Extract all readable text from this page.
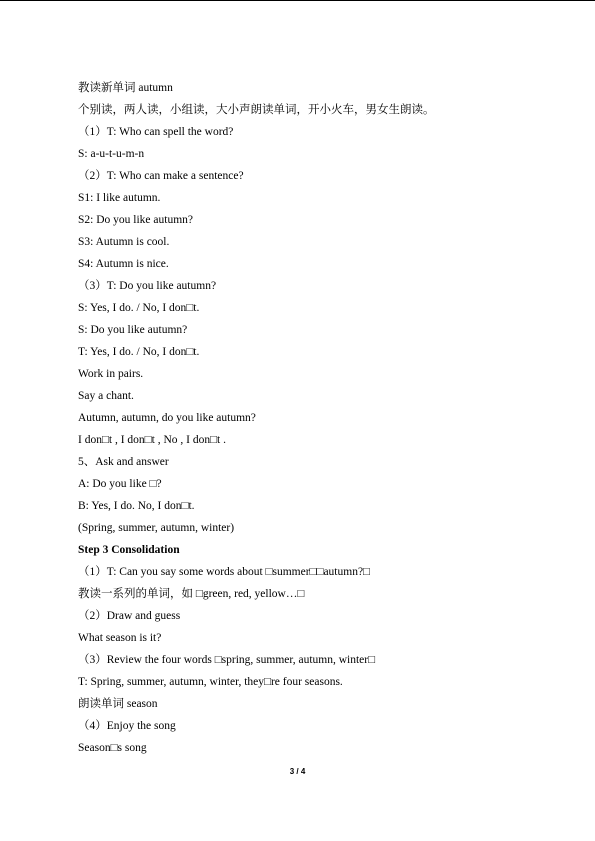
教读新单词 autumn
个别读，两人读，小组读，大小声朗读单词，开小火车，男女生朗读。
（1）T: Who can spell the word?
S: a-u-t-u-m-n
（2）T: Who can make a sentence?
S1: I like autumn.
S2: Do you like autumn?
S3: Autumn is cool.
S4: Autumn is nice.
（3）T: Do you like autumn?
S: Yes, I do. / No, I don□t.
S: Do you like autumn?
T: Yes, I do. / No, I don□t.
Work in pairs.
Say a chant.
Autumn, autumn, do you like autumn?
I don□t , I don□t , No , I don□t .
5、Ask and answer
A: Do you like □?
B: Yes, I do. No, I don□t.
(Spring, summer, autumn, winter)
Step 3 Consolidation
（1）T: Can you say some words about □summer□□autumn?□
教读一系列的单词，如 □green, red, yellow…□
（2）Draw and guess
What season is it?
（3）Review the four words □spring, summer, autumn, winter□
T: Spring, summer, autumn, winter, they□re four seasons.
朗读单词 season
（4）Enjoy the song
Season□s song
3 / 4
